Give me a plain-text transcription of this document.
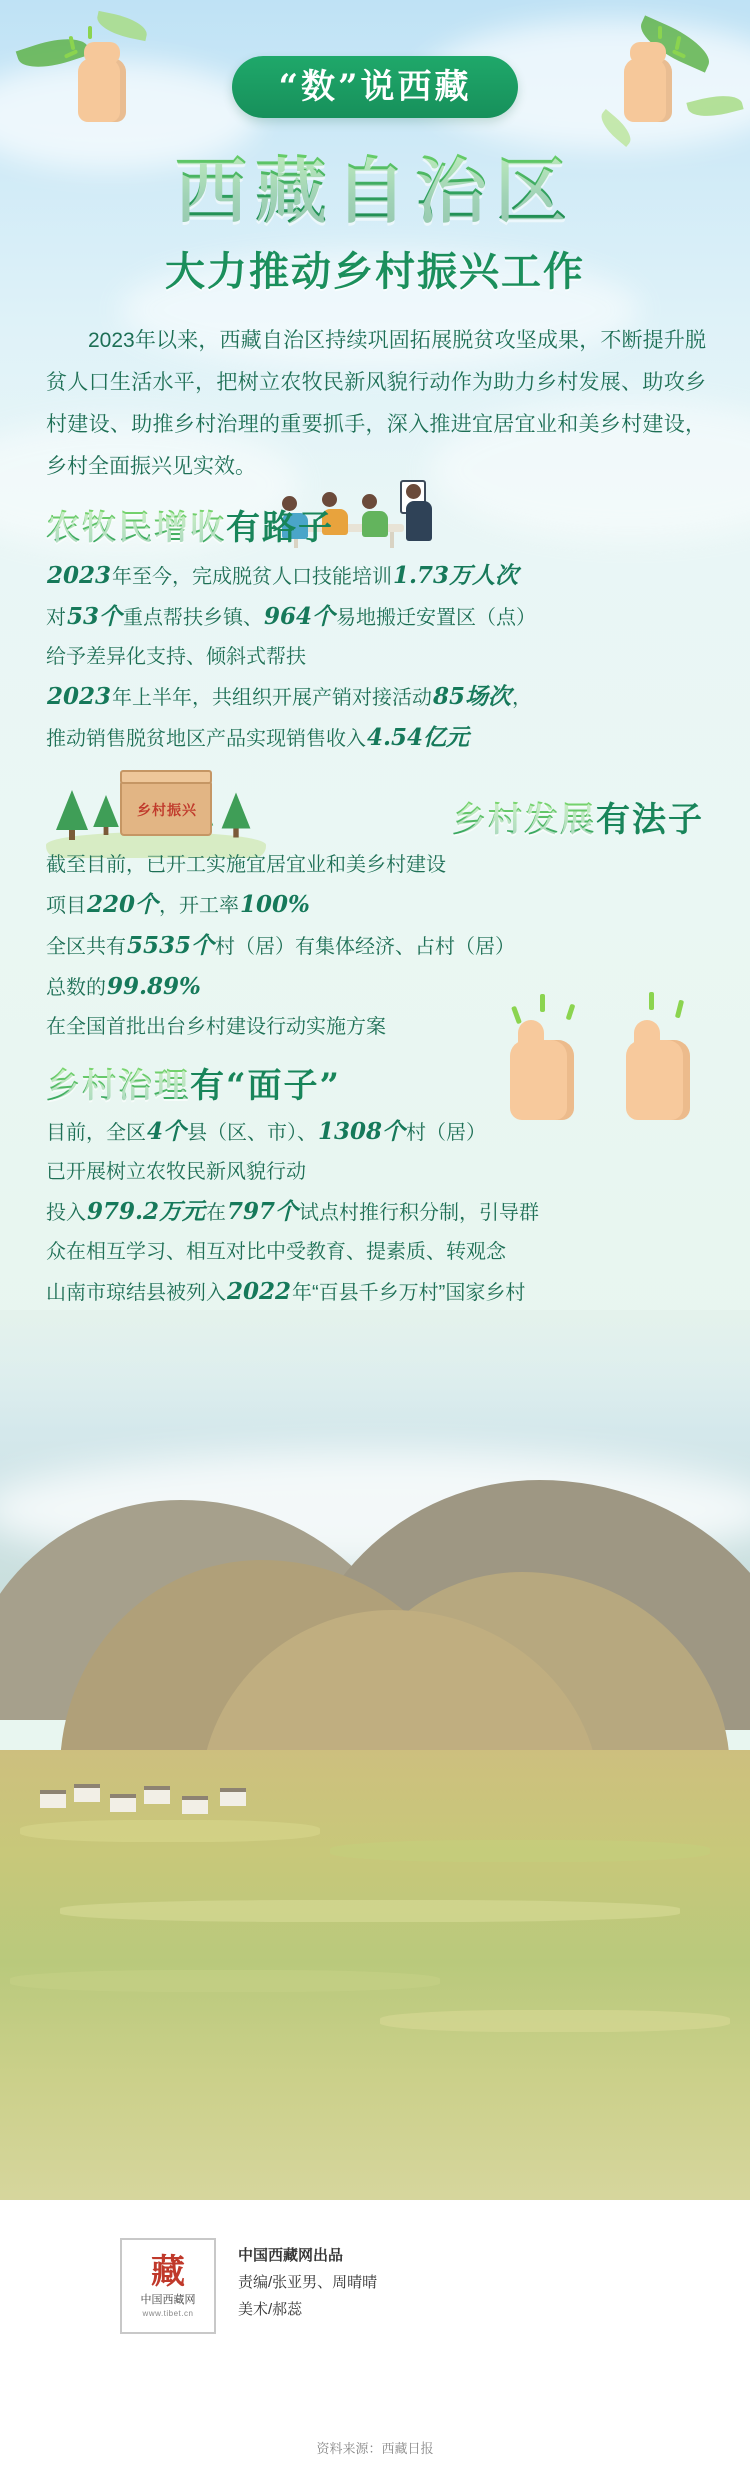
“数”说西藏
西藏自治区
大力推动乡村振兴工作

2023年以来，西藏自治区持续巩固拓展脱贫攻坚成果，不断提升脱贫人口生活水平，把树立农牧民新风貌行动作为助力乡村发展、助攻乡村建设、助推乡村治理的重要抓手，深入推进宜居宜业和美乡村建设，乡村全面振兴见实效。

农牧民增收有路子
2023年至今，完成脱贫人口技能培训1.73万人次
对53个重点帮扶乡镇、964个易地搬迁安置区（点）
给予差异化支持、倾斜式帮扶
2023年上半年，共组织开展产销对接活动85场次，
推动销售脱贫地区产品实现销售收入4.54亿元
乡村振兴	乡村发展有法子
截至目前，已开工实施宜居宜业和美乡村建设
项目220个，开工率100%
全区共有5535个村（居）有集体经济、占村（居）
总数的99.89%
在全国首批出台乡村建设行动实施方案
乡村治理有“面子”
目前，全区4个县（区、市）、1308个村（居）
已开展树立农牧民新风貌行动
投入979.2万元在797个试点村推行积分制，引导群
众在相互学习、相互对比中受教育、提素质、转观念
山南市琼结县被列入2022年“百县千乡万村”国家乡村
藏
中国西藏网
www.tibet.cn
中国西藏网出品
责编/张亚男、周晴晴
美术/郝蕊
资料来源：西藏日报
